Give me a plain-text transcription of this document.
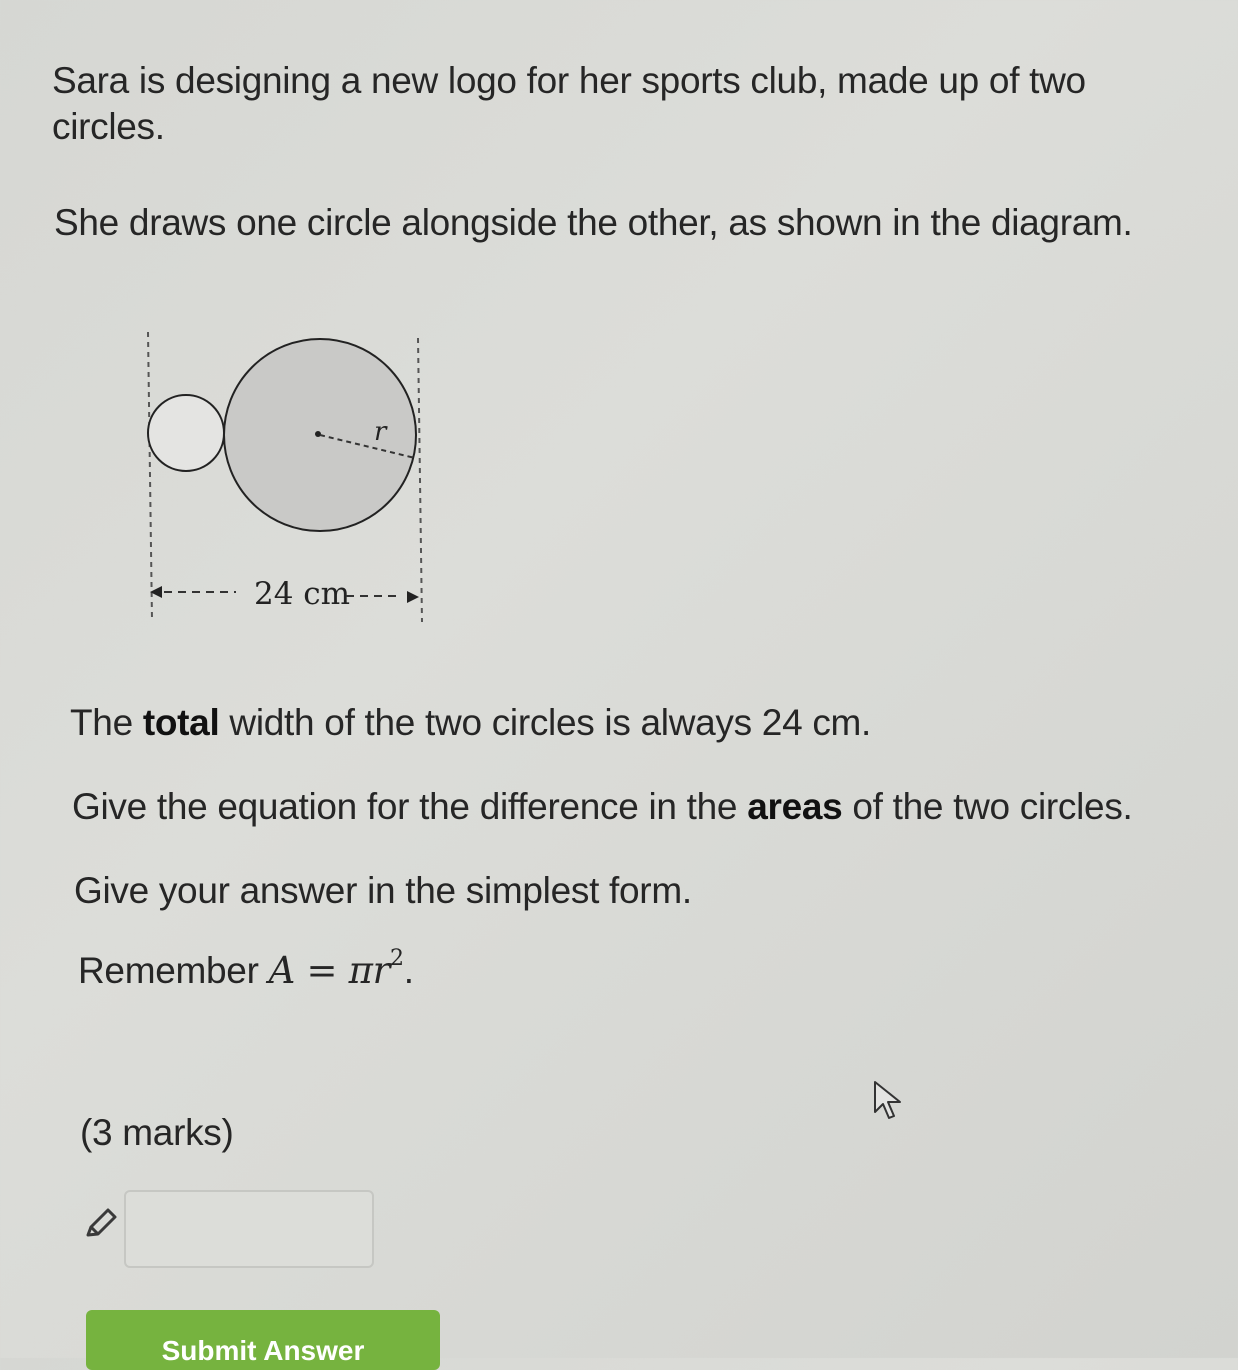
Sara is designing a new logo for her sports club, made up of two circles.

She draws one circle alongside the other, as shown in the diagram.

r
24 cm

The total width of the two circles is always 24 cm.

Give the equation for the difference in the areas of the two circles.

Give your answer in the simplest form.

Remember $A = \pi r^2$.

(3 marks)

Submit Answer
